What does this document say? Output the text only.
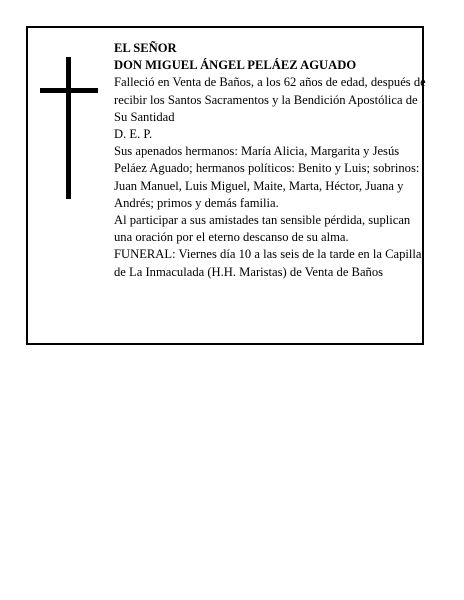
EL SEÑOR

DON MIGUEL ÁNGEL PELÁEZ AGUADO

Falleció en Venta de Baños, a los 62 años de edad, después de recibir los Santos Sacramentos y la Bendición Apostólica de Su Santidad

D. E. P.

Sus apenados hermanos: María Alicia, Margarita y Jesús Peláez Aguado; hermanos políticos: Benito y Luis; sobrinos: Juan Manuel, Luis Miguel, Maite, Marta, Héctor, Juana y Andrés; primos y demás familia.

Al participar a sus amistades tan sensible pérdida, suplican una oración por el eterno descanso de su alma.

FUNERAL: Viernes día 10 a las seis de la tarde en la Capilla de La Inmaculada (H.H. Maristas) de Venta de Baños
